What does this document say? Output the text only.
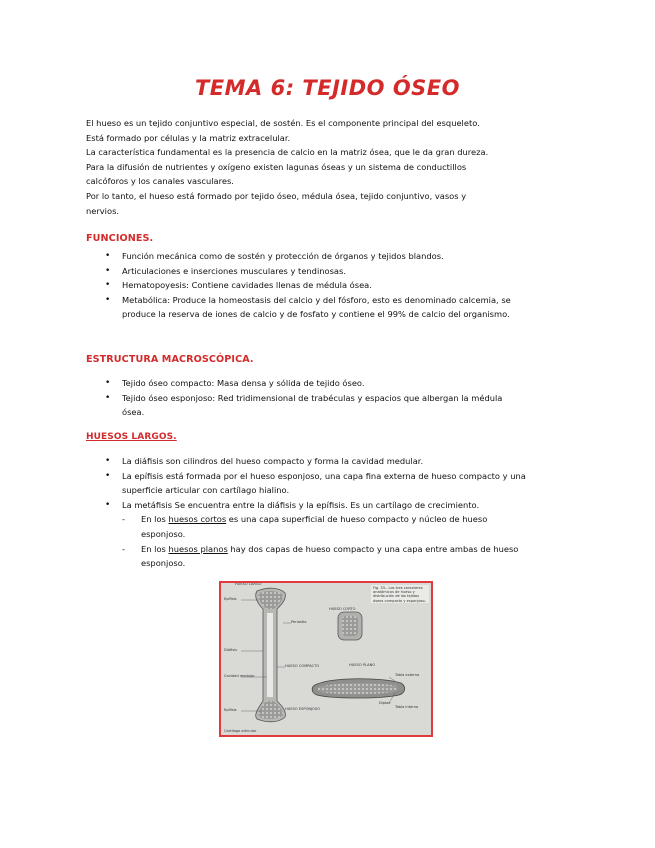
TEMA 6: TEJIDO ÓSEO

El hueso es un tejido conjuntivo especial, de sostén. Es el componente principal del esqueleto.

Está formado por células y la matriz extracelular.

La característica fundamental es la presencia de calcio en la matriz ósea, que le da gran dureza.

Para la difusión de nutrientes y oxígeno existen lagunas óseas y un sistema de conductillos

calcóforos y los canales vasculares.

Por lo tanto, el hueso está formado por tejido óseo, médula ósea, tejido conjuntivo, vasos y

nervios.

FUNCIONES.
• Función mecánica como de sostén y protección de órganos y tejidos blandos.
• Articulaciones e inserciones musculares y tendinosas.
• Hematopoyesis: Contiene cavidades llenas de médula ósea.
• Metabólica: Produce la homeostasis del calcio y del fósforo, esto es denominado calcemia, se produce la reserva de iones de calcio y de fosfato y contiene el 99% de calcio del organismo.
ESTRUCTURA MACROSCÓPICA.
• Tejido óseo compacto: Masa densa y sólida de tejido óseo.
• Tejido óseo esponjoso: Red tridimensional de trabéculas y espacios que albergan la médula ósea.
HUESOS LARGOS.
• La diáfisis son cilindros del hueso compacto y forma la cavidad medular.
• La epífisis está formada por el hueso esponjoso, una capa fina externa de hueso compacto y una superficie articular con cartílago hialino.
• La metáfisis Se encuentra entre la diáfisis y la epífisis. Es un cartílago de crecimiento.
- En los huesos cortos es una capa superficial de hueso compacto y núcleo de hueso esponjoso.
- En los huesos planos hay dos capas de hueso compacto y una capa entre ambas de hueso esponjoso.
HUESO LARGO
Epífisis
Periostio
Diáfisis
HUESO COMPACTO
HUESO CORTO
HUESO PLANO
Tabla externa
Diploe
Tabla interna
Cavidad medular
Epífisis	HUESO ESPONJOSO
Cartílago articular
Fig. 33.- Los tres caracteres anatómicos de hueso y distribución de los tejidos óseos compacto y esponjoso.
